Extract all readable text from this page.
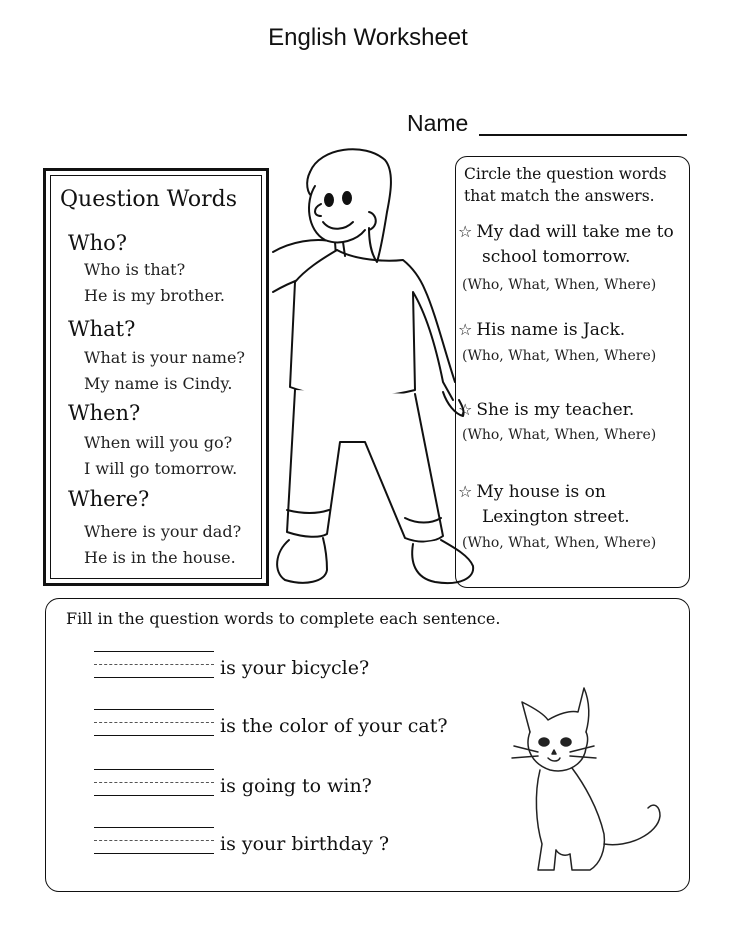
English Worksheet
Name
Question Words
Who?
Who is that?
He is my brother.
What?
What is your name?
My name is Cindy.
When?
When will you go?
I will go tomorrow.
Where?
Where is your dad?
He is in the house.
Circle the question words
that match the answers.
☆ My dad will take me to
school tomorrow.
(Who, What, When, Where)
☆ His name is Jack.
(Who, What, When, Where)
☆ She is my teacher.
(Who, What, When, Where)
☆ My house is on
Lexington street.
(Who, What, When, Where)
Fill in the question words to complete each sentence.
is your bicycle?
is the color of your cat?
is going to win?
is your birthday ?
